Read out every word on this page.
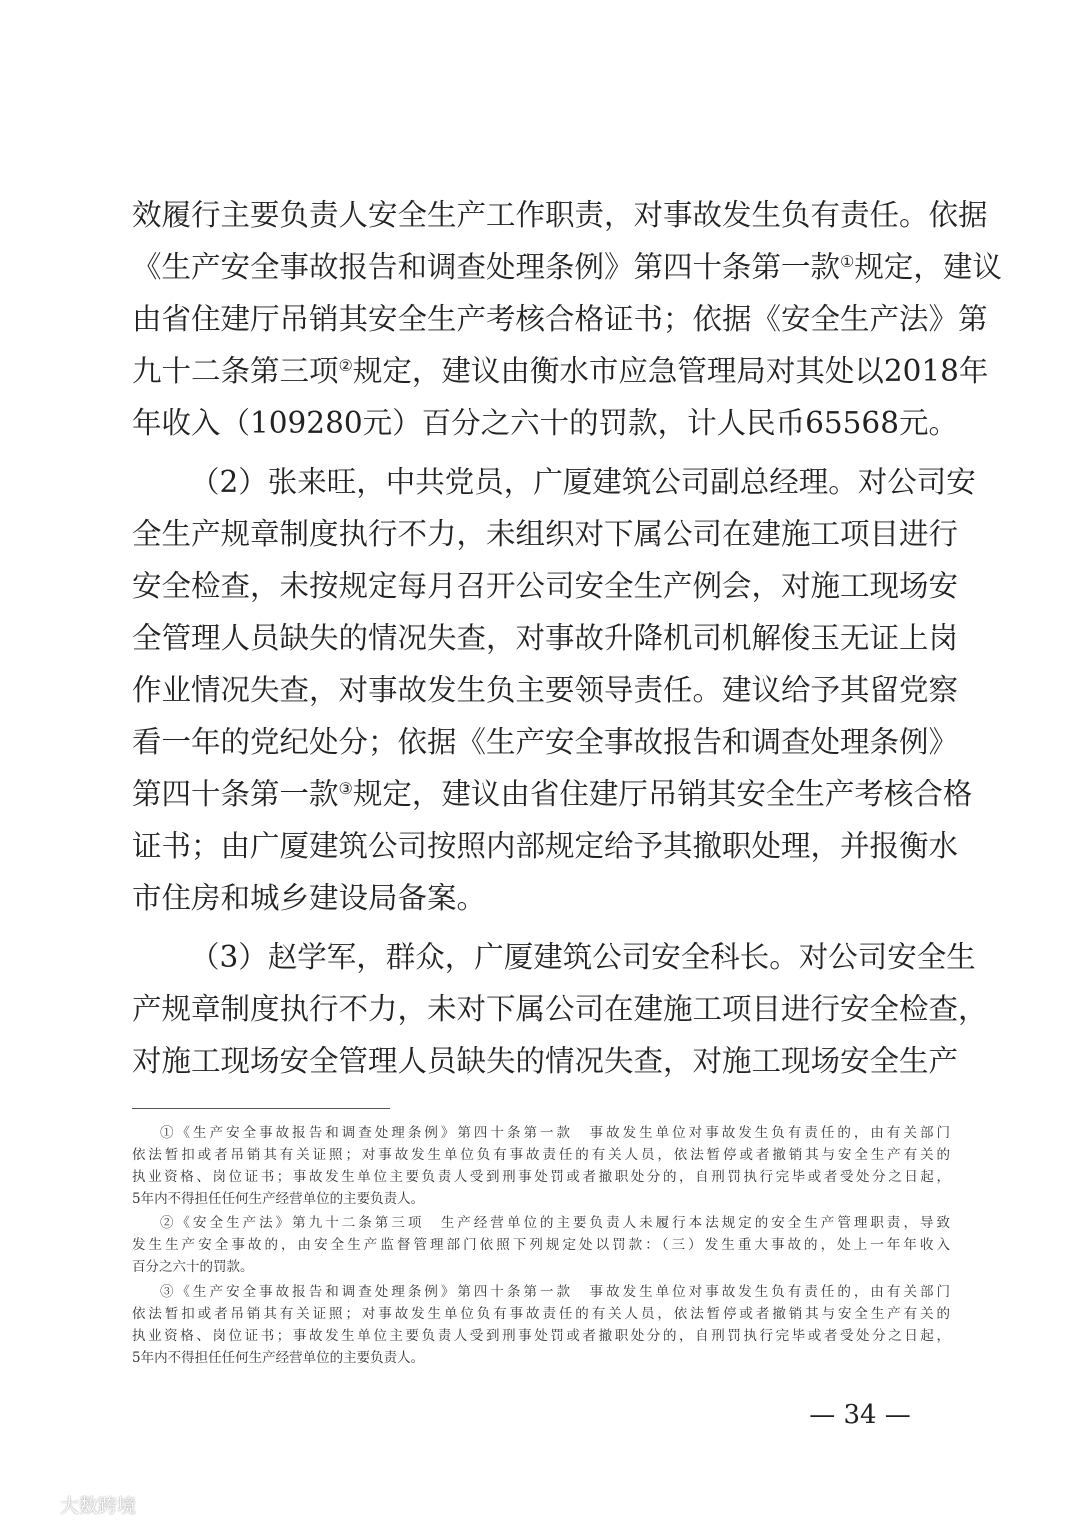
效履行主要负责人安全生产工作职责，对事故发生负有责任。依据
《生产安全事故报告和调查处理条例》第四十条第一款①规定，建议
由省住建厅吊销其安全生产考核合格证书；依据《安全生产法》第
九十二条第三项②规定，建议由衡水市应急管理局对其处以2018年
年收入（109280元）百分之六十的罚款，计人民币65568元。
（2）张来旺，中共党员，广厦建筑公司副总经理。对公司安
全生产规章制度执行不力，未组织对下属公司在建施工项目进行
安全检查，未按规定每月召开公司安全生产例会，对施工现场安
全管理人员缺失的情况失查，对事故升降机司机解俊玉无证上岗
作业情况失查，对事故发生负主要领导责任。建议给予其留党察
看一年的党纪处分；依据《生产安全事故报告和调查处理条例》
第四十条第一款③规定，建议由省住建厅吊销其安全生产考核合格
证书；由广厦建筑公司按照内部规定给予其撤职处理，并报衡水
市住房和城乡建设局备案。
（3）赵学军，群众，广厦建筑公司安全科长。对公司安全生
产规章制度执行不力，未对下属公司在建施工项目进行安全检查，
对施工现场安全管理人员缺失的情况失查，对施工现场安全生产
①《生产安全事故报告和调查处理条例》第四十条第一款　事故发生单位对事故发生负有责任的，由有关部门
依法暂扣或者吊销其有关证照；对事故发生单位负有事故责任的有关人员，依法暂停或者撤销其与安全生产有关的
执业资格、岗位证书；事故发生单位主要负责人受到刑事处罚或者撤职处分的，自刑罚执行完毕或者受处分之日起，
5年内不得担任任何生产经营单位的主要负责人。
②《安全生产法》第九十二条第三项　生产经营单位的主要负责人未履行本法规定的安全生产管理职责，导致
发生生产安全事故的，由安全生产监督管理部门依照下列规定处以罚款：（三）发生重大事故的，处上一年年收入
百分之六十的罚款。
③《生产安全事故报告和调查处理条例》第四十条第一款　事故发生单位对事故发生负有责任的，由有关部门
依法暂扣或者吊销其有关证照；对事故发生单位负有事故责任的有关人员，依法暂停或者撤销其与安全生产有关的
执业资格、岗位证书；事故发生单位主要负责人受到刑事处罚或者撤职处分的，自刑罚执行完毕或者受处分之日起，
5年内不得担任任何生产经营单位的主要负责人。
— 34 —
大数跨境
